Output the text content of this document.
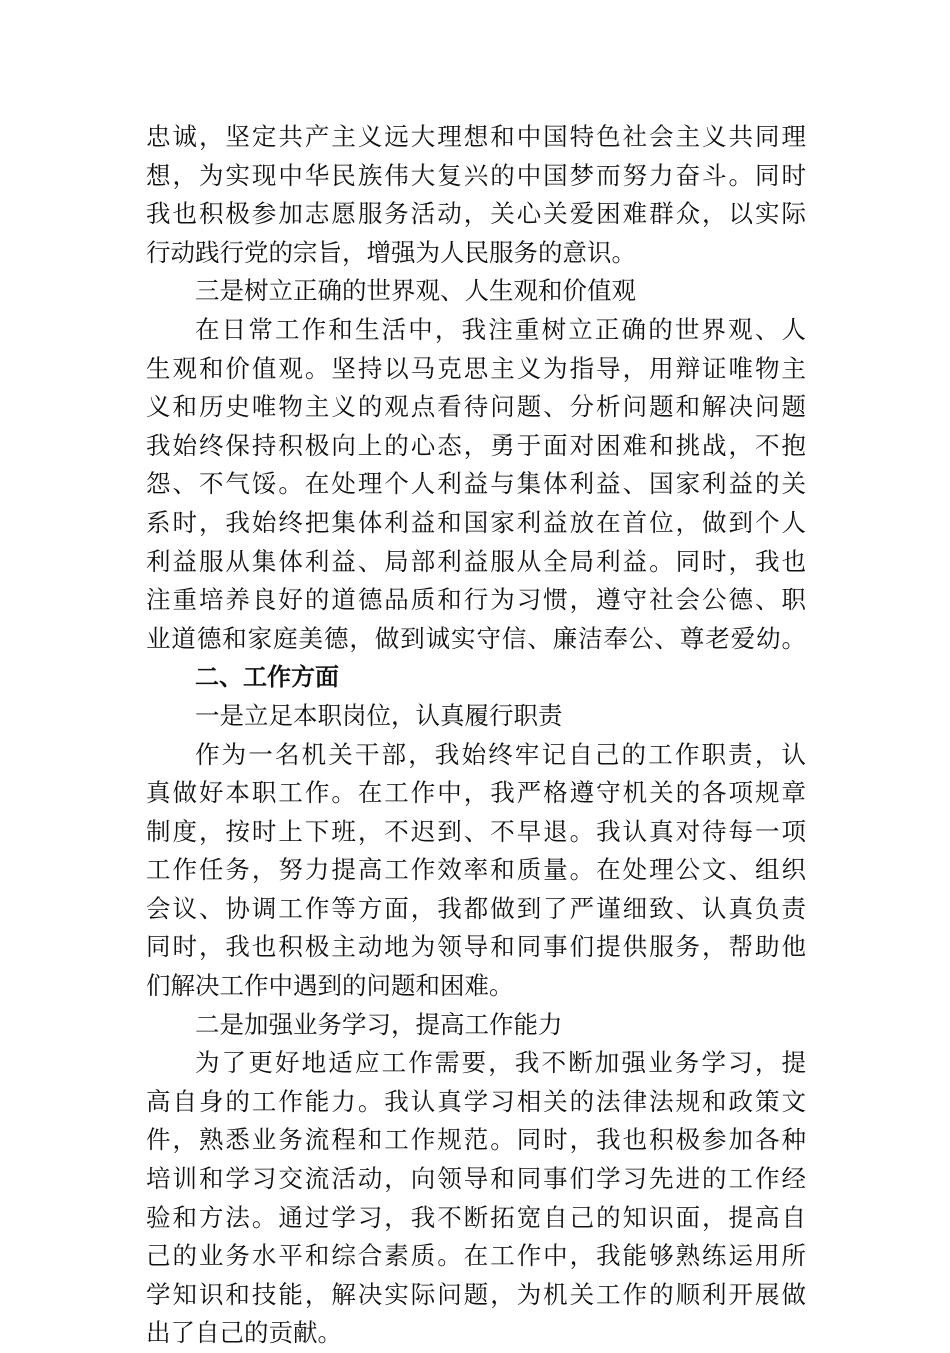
忠诚，坚定共产主义远大理想和中国特色社会主义共同理
想，为实现中华民族伟大复兴的中国梦而努力奋斗。同时
我也积极参加志愿服务活动，关心关爱困难群众，以实际
行动践行党的宗旨，增强为人民服务的意识。
三是树立正确的世界观、人生观和价值观
在日常工作和生活中，我注重树立正确的世界观、人
生观和价值观。坚持以马克思主义为指导，用辩证唯物主
义和历史唯物主义的观点看待问题、分析问题和解决问题
我始终保持积极向上的心态，勇于面对困难和挑战，不抱
怨、不气馁。在处理个人利益与集体利益、国家利益的关
系时，我始终把集体利益和国家利益放在首位，做到个人
利益服从集体利益、局部利益服从全局利益。同时，我也
注重培养良好的道德品质和行为习惯，遵守社会公德、职
业道德和家庭美德，做到诚实守信、廉洁奉公、尊老爱幼。
二、工作方面
一是立足本职岗位，认真履行职责
作为一名机关干部，我始终牢记自己的工作职责，认
真做好本职工作。在工作中，我严格遵守机关的各项规章
制度，按时上下班，不迟到、不早退。我认真对待每一项
工作任务，努力提高工作效率和质量。在处理公文、组织
会议、协调工作等方面，我都做到了严谨细致、认真负责
同时，我也积极主动地为领导和同事们提供服务，帮助他
们解决工作中遇到的问题和困难。
二是加强业务学习，提高工作能力
为了更好地适应工作需要，我不断加强业务学习，提
高自身的工作能力。我认真学习相关的法律法规和政策文
件，熟悉业务流程和工作规范。同时，我也积极参加各种
培训和学习交流活动，向领导和同事们学习先进的工作经
验和方法。通过学习，我不断拓宽自己的知识面，提高自
己的业务水平和综合素质。在工作中，我能够熟练运用所
学知识和技能，解决实际问题，为机关工作的顺利开展做
出了自己的贡献。
